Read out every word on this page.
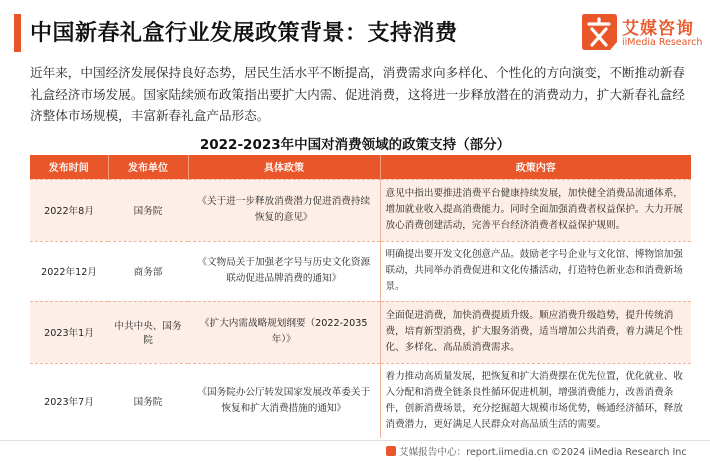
中国新春礼盒行业发展政策背景：支持消费	艾媒咨询
iiMedia Research

近年来，中国经济发展保持良好态势，居民生活水平不断提高，消费需求向多样化、个性化的方向演变，不断推动新春礼盒经济市场发展。国家陆续颁布政策指出要扩大内需、促进消费，这将进一步释放潜在的消费动力，扩大新春礼盒经济整体市场规模，丰富新春礼盒产品形态。

2022-2023年中国对消费领域的政策支持（部分）
发布时间	发布单位	具体政策	政策内容
2022年8月	国务院	《关于进一步释放消费潜力促进消费持续恢复的意见》	意见中指出要推进消费平台健康持续发展，加快健全消费品流通体系，增加就业收入提高消费能力。同时全面加强消费者权益保护。大力开展放心消费创建活动，完善平台经济消费者权益保护规则。
2022年12月	商务部	《文物局关于加强老字号与历史文化资源联动促进品牌消费的通知》	明确提出要开发文化创意产品。鼓励老字号企业与文化馆、博物馆加强联动，共同举办消费促进和文化传播活动，打造特色新业态和消费新场景。
2023年1月	中共中央、国务院	《扩大内需战略规划纲要（2022-2035年）》	全面促进消费，加快消费提质升级。顺应消费升级趋势，提升传统消费，培育新型消费，扩大服务消费，适当增加公共消费，着力满足个性化、多样化、高品质消费需求。
2023年7月	国务院	《国务院办公厅转发国家发展改革委关于恢复和扩大消费措施的通知》	着力推动高质量发展，把恢复和扩大消费摆在优先位置，优化就业、收入分配和消费全链条良性循环促进机制，增强消费能力，改善消费条件，创新消费场景，充分挖掘超大规模市场优势，畅通经济循环，释放消费潜力，更好满足人民群众对高品质生活的需要。
艾媒报告中心：report.iimedia.cn ©2024 iiMedia Research Inc
